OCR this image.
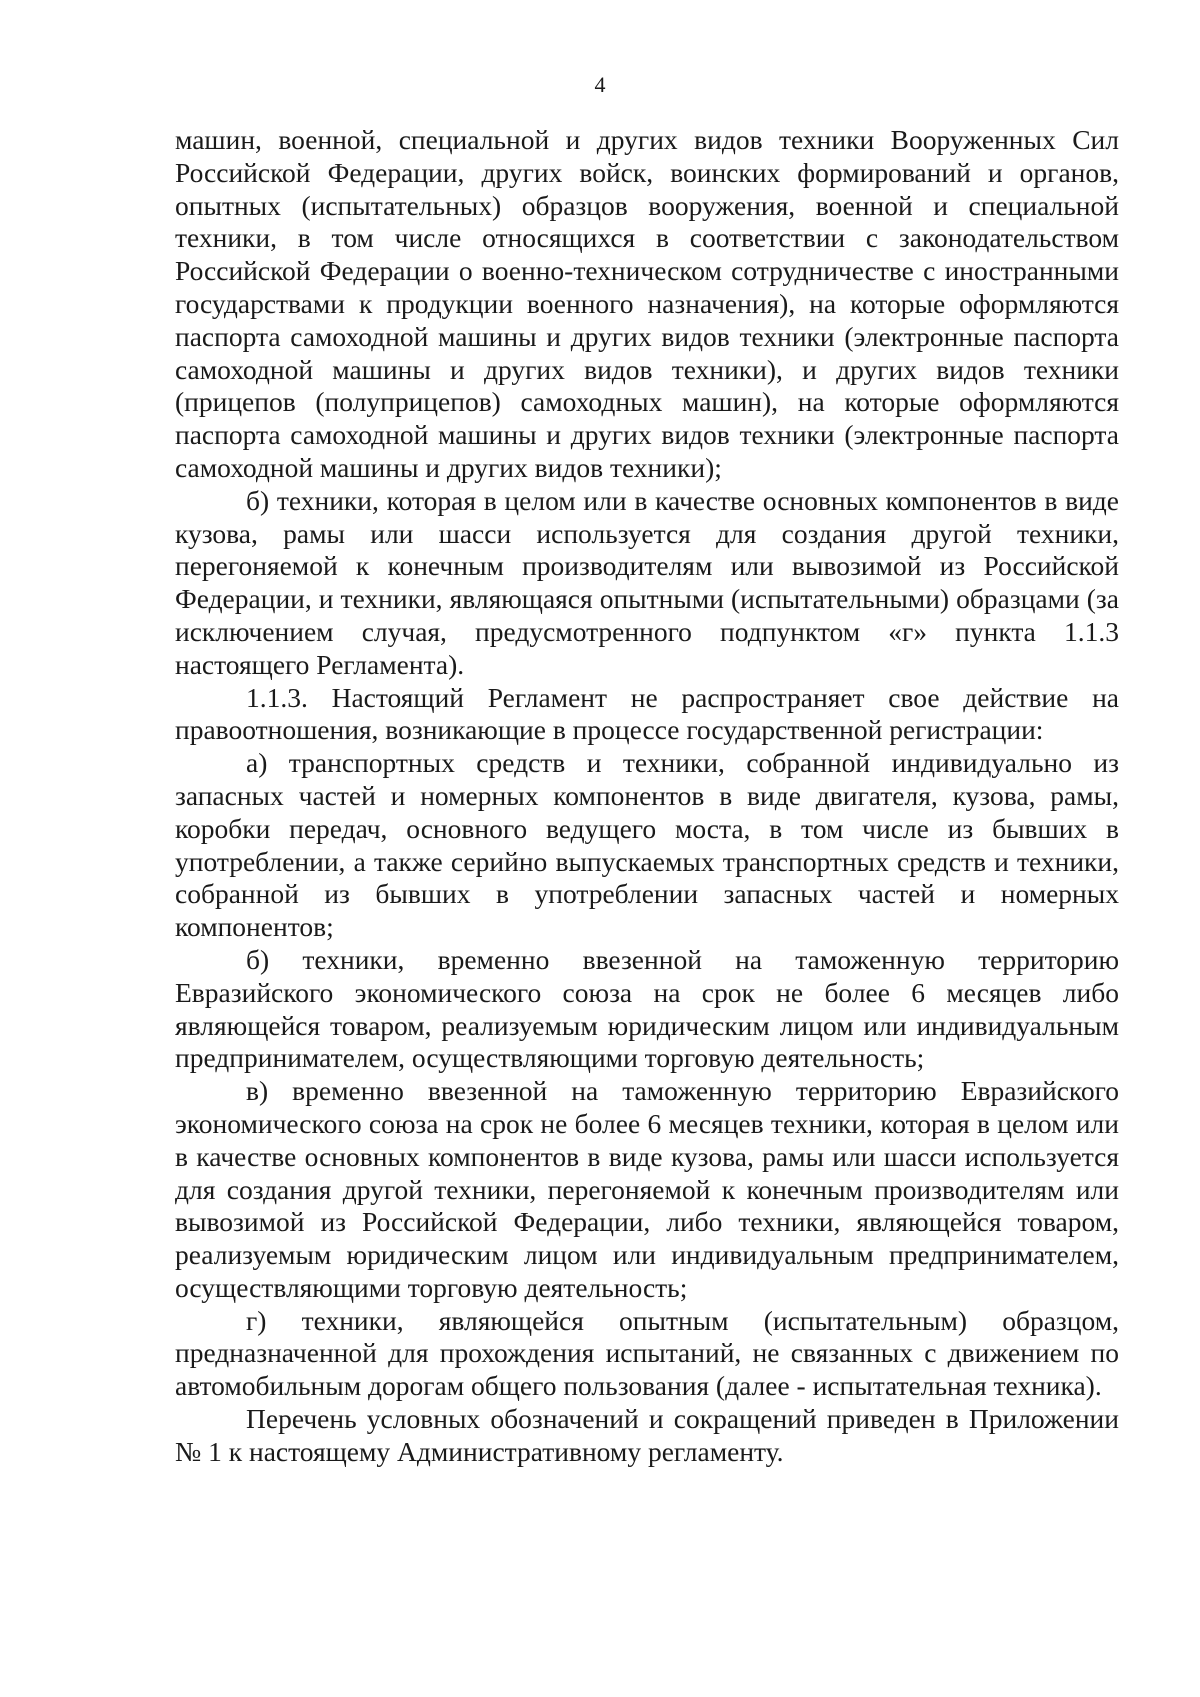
4

машин, военной, специальной и других видов техники Вооруженных Сил Российской Федерации, других войск, воинских формирований и органов, опытных (испытательных) образцов вооружения, военной и специальной техники, в том числе относящихся в соответствии с законодательством Российской Федерации о военно-техническом сотрудничестве с иностранными государствами к продукции военного назначения), на которые оформляются паспорта самоходной машины и других видов техники (электронные паспорта самоходной машины и других видов техники), и других видов техники (прицепов (полуприцепов) самоходных машин), на которые оформляются паспорта самоходной машины и других видов техники (электронные паспорта самоходной машины и других видов техники);

б) техники, которая в целом или в качестве основных компонентов в виде кузова, рамы или шасси используется для создания другой техники, перегоняемой к конечным производителям или вывозимой из Российской Федерации, и техники, являющаяся опытными (испытательными) образцами (за исключением случая, предусмотренного подпунктом «г» пункта 1.1.3 настоящего Регламента).

1.1.3. Настоящий Регламент не распространяет свое действие на правоотношения, возникающие в процессе государственной регистрации:

а) транспортных средств и техники, собранной индивидуально из запасных частей и номерных компонентов в виде двигателя, кузова, рамы, коробки передач, основного ведущего моста, в том числе из бывших в употреблении, а также серийно выпускаемых транспортных средств и техники, собранной из бывших в употреблении запасных частей и номерных компонентов;

б) техники, временно ввезенной на таможенную территорию Евразийского экономического союза на срок не более 6 месяцев либо являющейся товаром, реализуемым юридическим лицом или индивидуальным предпринимателем, осуществляющими торговую деятельность;

в) временно ввезенной на таможенную территорию Евразийского экономического союза на срок не более 6 месяцев техники, которая в целом или в качестве основных компонентов в виде кузова, рамы или шасси используется для создания другой техники, перегоняемой к конечным производителям или вывозимой из Российской Федерации, либо техники, являющейся товаром, реализуемым юридическим лицом или индивидуальным предпринимателем, осуществляющими торговую деятельность;

г) техники, являющейся опытным (испытательным) образцом, предназначенной для прохождения испытаний, не связанных с движением по автомобильным дорогам общего пользования (далее - испытательная техника).

Перечень условных обозначений и сокращений приведен в Приложении № 1 к настоящему Административному регламенту.
